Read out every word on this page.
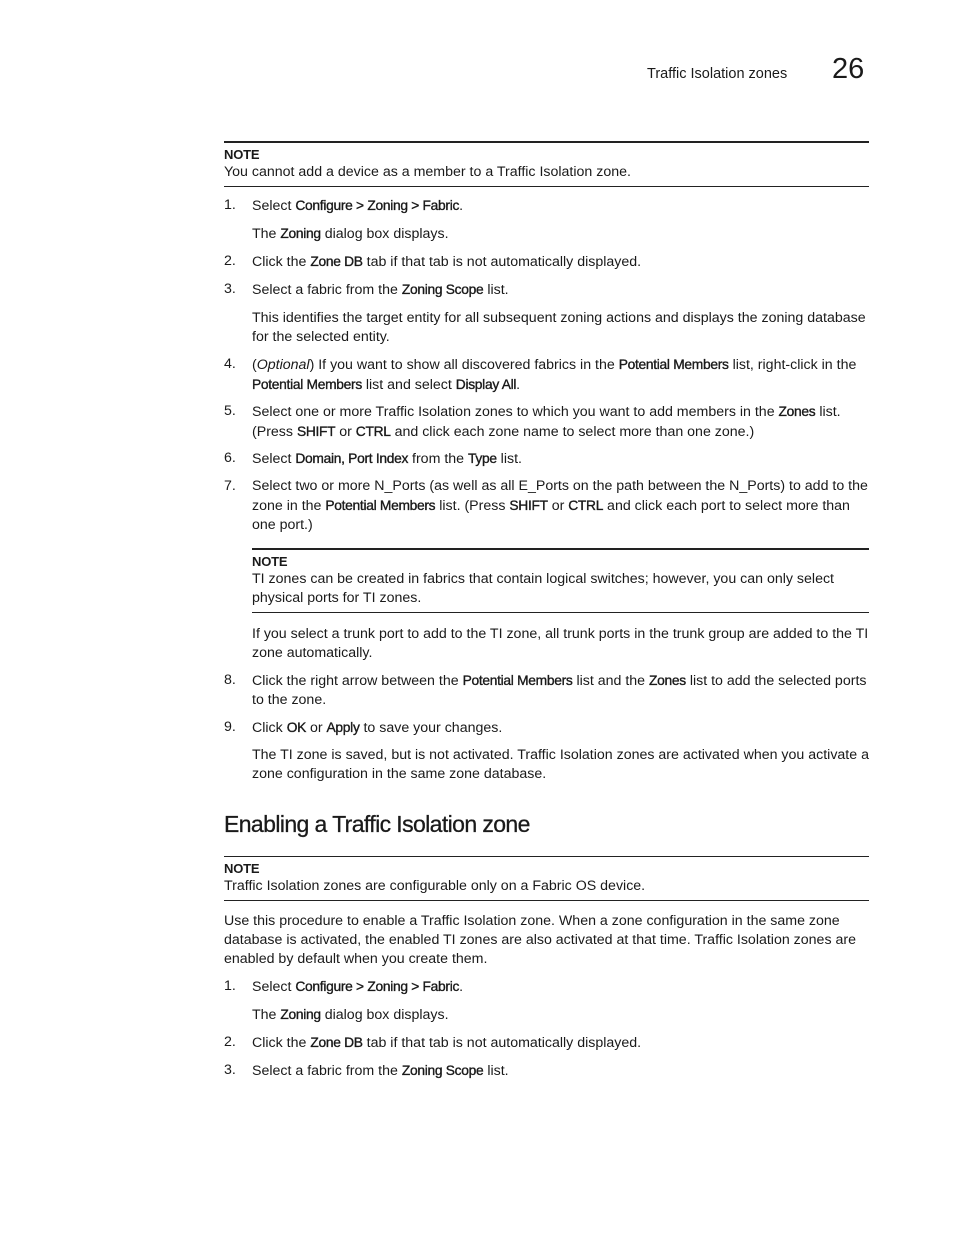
Traffic Isolation zones 26
NOTE
You cannot add a device as a member to a Traffic Isolation zone.
1.	Select Configure > Zoning > Fabric.
The Zoning dialog box displays.
2.	Click the Zone DB tab if that tab is not automatically displayed.
3.	Select a fabric from the Zoning Scope list.
This identifies the target entity for all subsequent zoning actions and displays the zoning database for the selected entity.
4.	(Optional) If you want to show all discovered fabrics in the Potential Members list, right-click in the Potential Members list and select Display All.
5.	Select one or more Traffic Isolation zones to which you want to add members in the Zones list. (Press SHIFT or CTRL and click each zone name to select more than one zone.)
6.	Select Domain, Port Index from the Type list.
7.	Select two or more N_Ports (as well as all E_Ports on the path between the N_Ports) to add to the zone in the Potential Members list. (Press SHIFT or CTRL and click each port to select more than one port.)
NOTE
TI zones can be created in fabrics that contain logical switches; however, you can only select physical ports for TI zones.
If you select a trunk port to add to the TI zone, all trunk ports in the trunk group are added to the TI zone automatically.
8.	Click the right arrow between the Potential Members list and the Zones list to add the selected ports to the zone.
9.	Click OK or Apply to save your changes.
The TI zone is saved, but is not activated. Traffic Isolation zones are activated when you activate a zone configuration in the same zone database.
Enabling a Traffic Isolation zone
NOTE
Traffic Isolation zones are configurable only on a Fabric OS device.
Use this procedure to enable a Traffic Isolation zone. When a zone configuration in the same zone database is activated, the enabled TI zones are also activated at that time. Traffic Isolation zones are enabled by default when you create them.
1.	Select Configure > Zoning > Fabric.
The Zoning dialog box displays.
2.	Click the Zone DB tab if that tab is not automatically displayed.
3.	Select a fabric from the Zoning Scope list.
